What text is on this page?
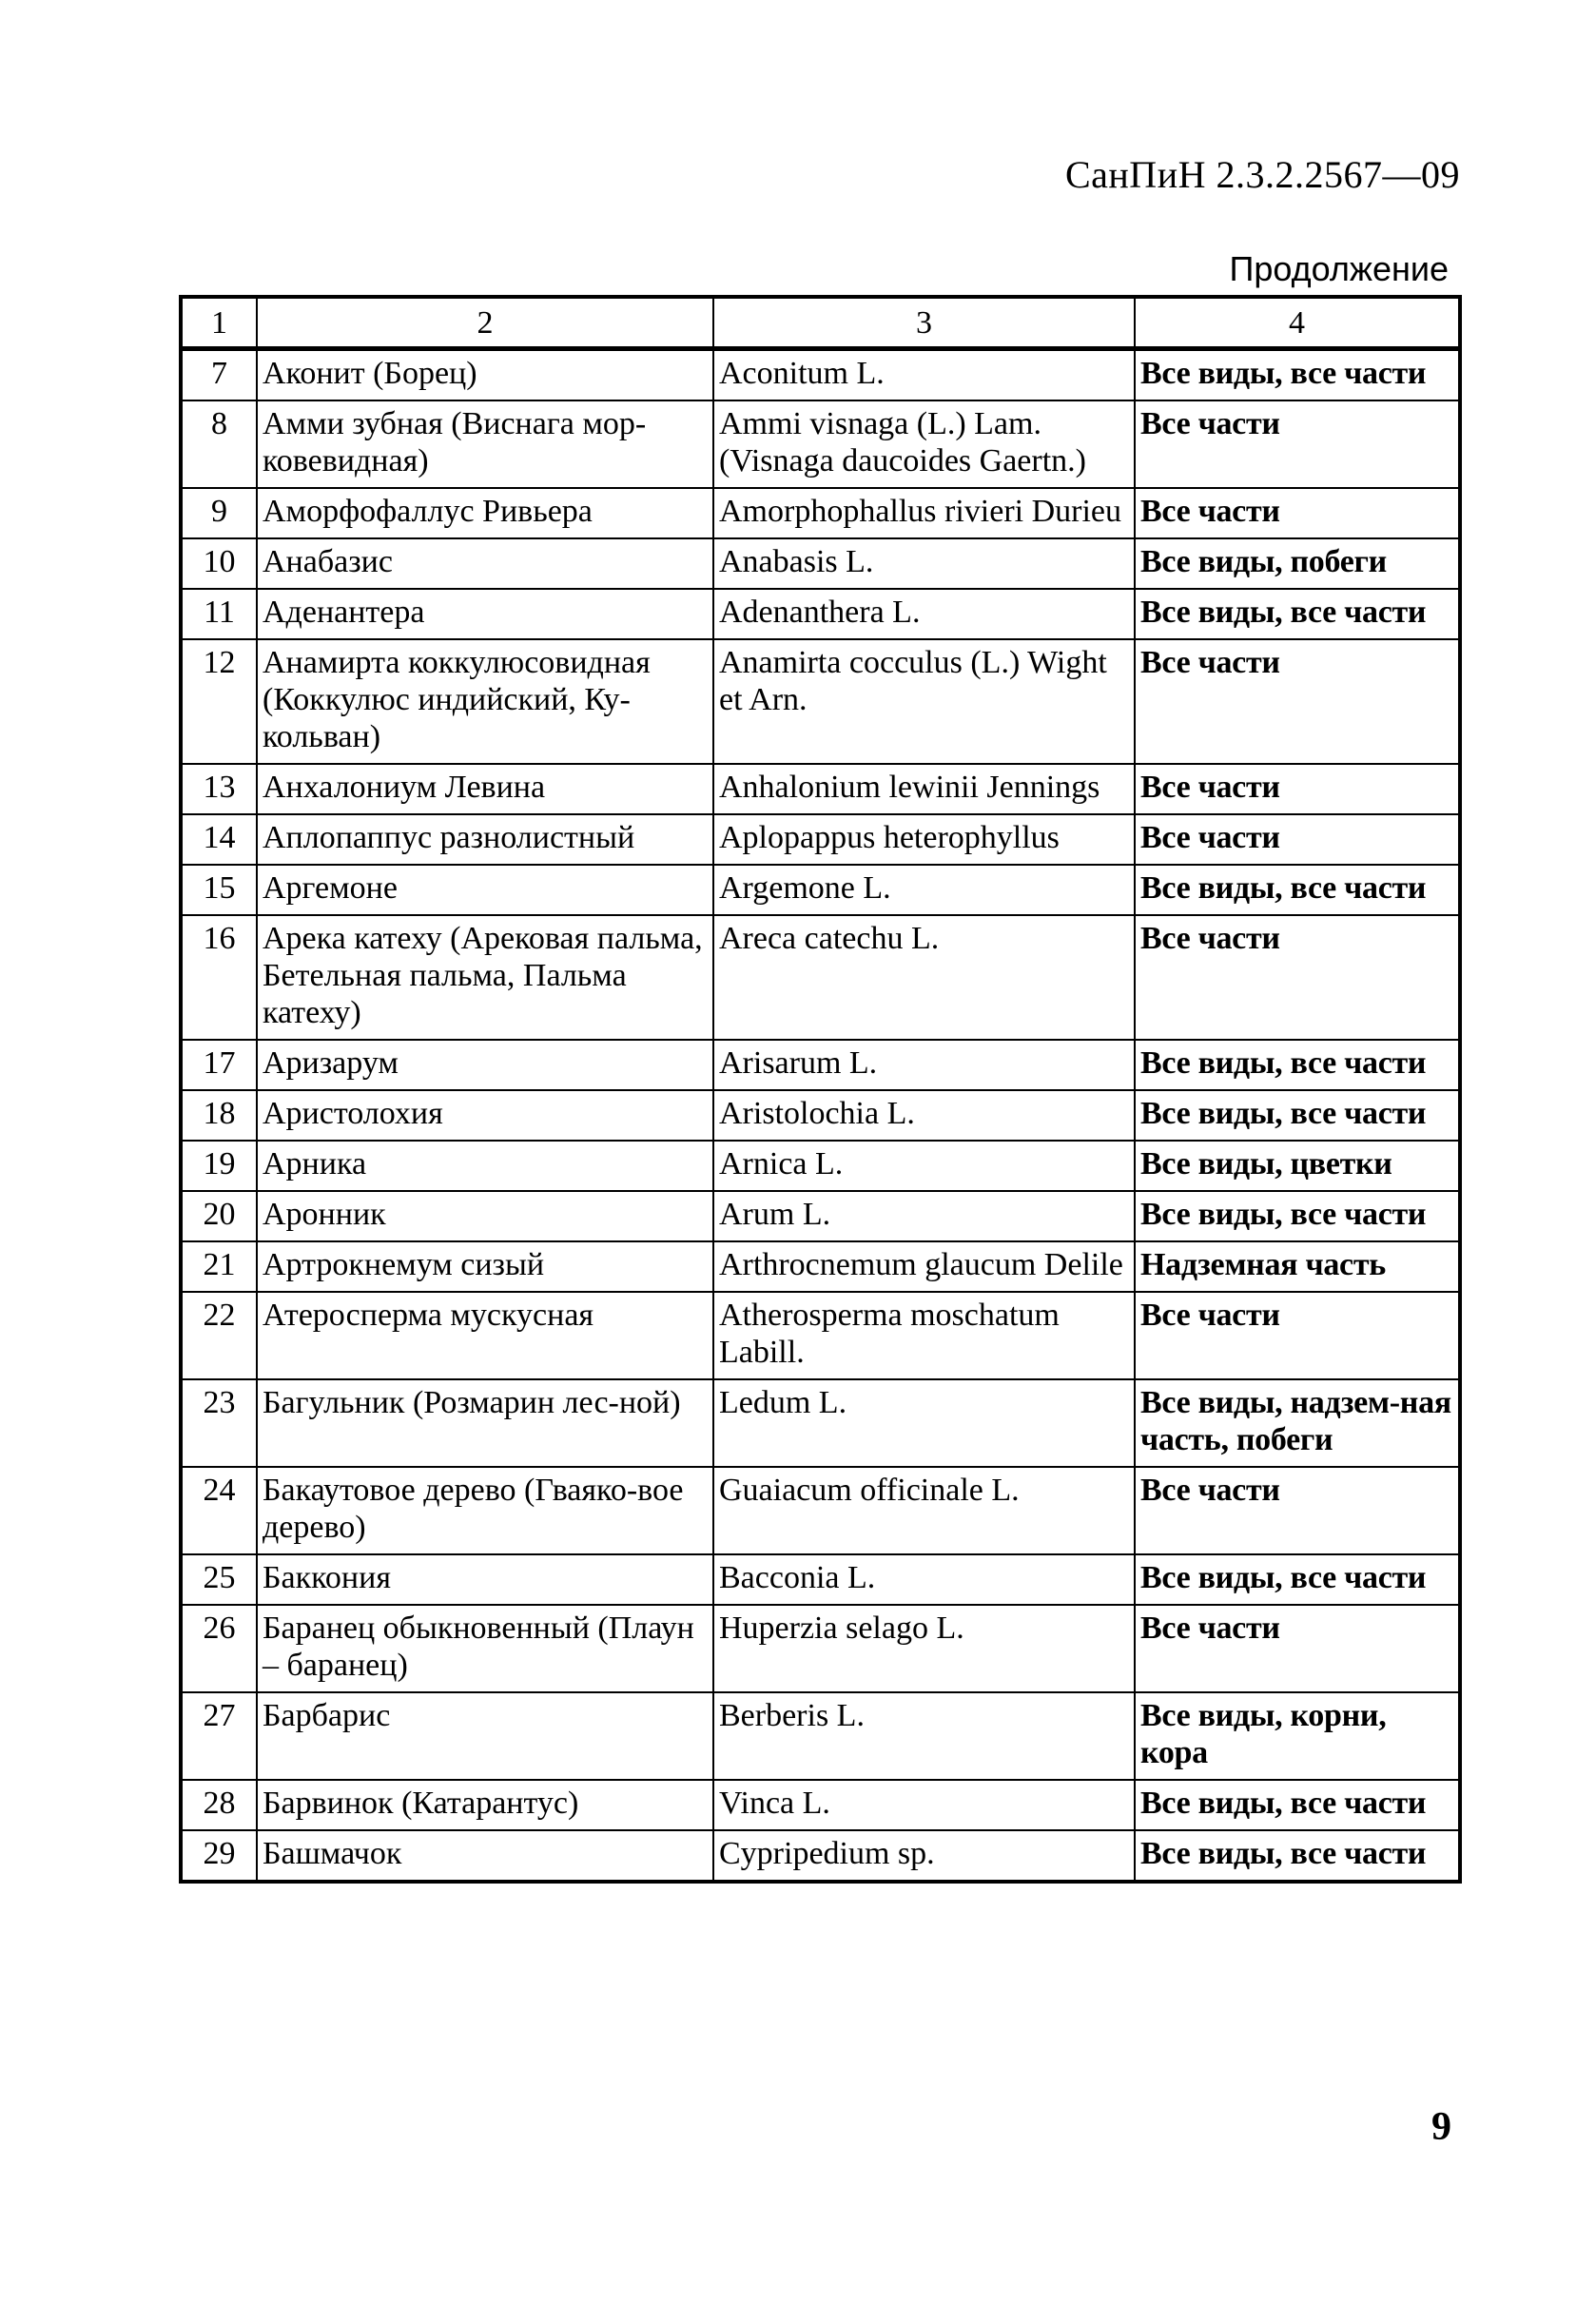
СанПиН 2.3.2.2567—09
Продолжение
1	2	3	4
7	Аконит (Борец)	Aconitum L.	Все виды, все части
8	Амми зубная (Виснага мор-ковевидная)	Ammi visnaga (L.) Lam. (Visnaga daucoides Gaertn.)	Все части
9	Аморфофаллус Ривьера	Amorphophallus rivieri Durieu	Все части
10	Анабазис	Anabasis L.	Все виды, побеги
11	Аденантера	Adenanthera L.	Все виды, все части
12	Анамирта коккулюсовидная (Коккулюс индийский, Ку-кольван)	Anamirta cocculus (L.) Wight et Arn.	Все части
13	Анхалониум Левина	Anhalonium lewinii Jennings	Все части
14	Аплопаппус разнолистный	Aplopappus heterophyllus	Все части
15	Аргемоне	Argemone L.	Все виды, все части
16	Арека катеху (Арековая пальма, Бетельная пальма, Пальма катеху)	Areca catechu L.	Все части
17	Аризарум	Arisarum L.	Все виды, все части
18	Аристолохия	Aristolochia L.	Все виды, все части
19	Арника	Arnica L.	Все виды, цветки
20	Аронник	Arum L.	Все виды, все части
21	Артрокнемум сизый	Arthrocnemum glaucum Delile	Надземная часть
22	Атеросперма мускусная	Atherosperma moschatum Labill.	Все части
23	Багульник (Розмарин лес-ной)	Ledum L.	Все виды, надзем-ная часть, побеги
24	Бакаутовое дерево (Гваяко-вое дерево)	Guaiacum officinale L.	Все части
25	Баккония	Bacconia L.	Все виды, все части
26	Баранец обыкновенный (Плаун – баранец)	Huperzia selago L.	Все части
27	Барбарис	Berberis L.	Все виды, корни, кора
28	Барвинок (Катарантус)	Vinca L.	Все виды, все части
29	Башмачок	Cypripedium sp.	Все виды, все части
9
